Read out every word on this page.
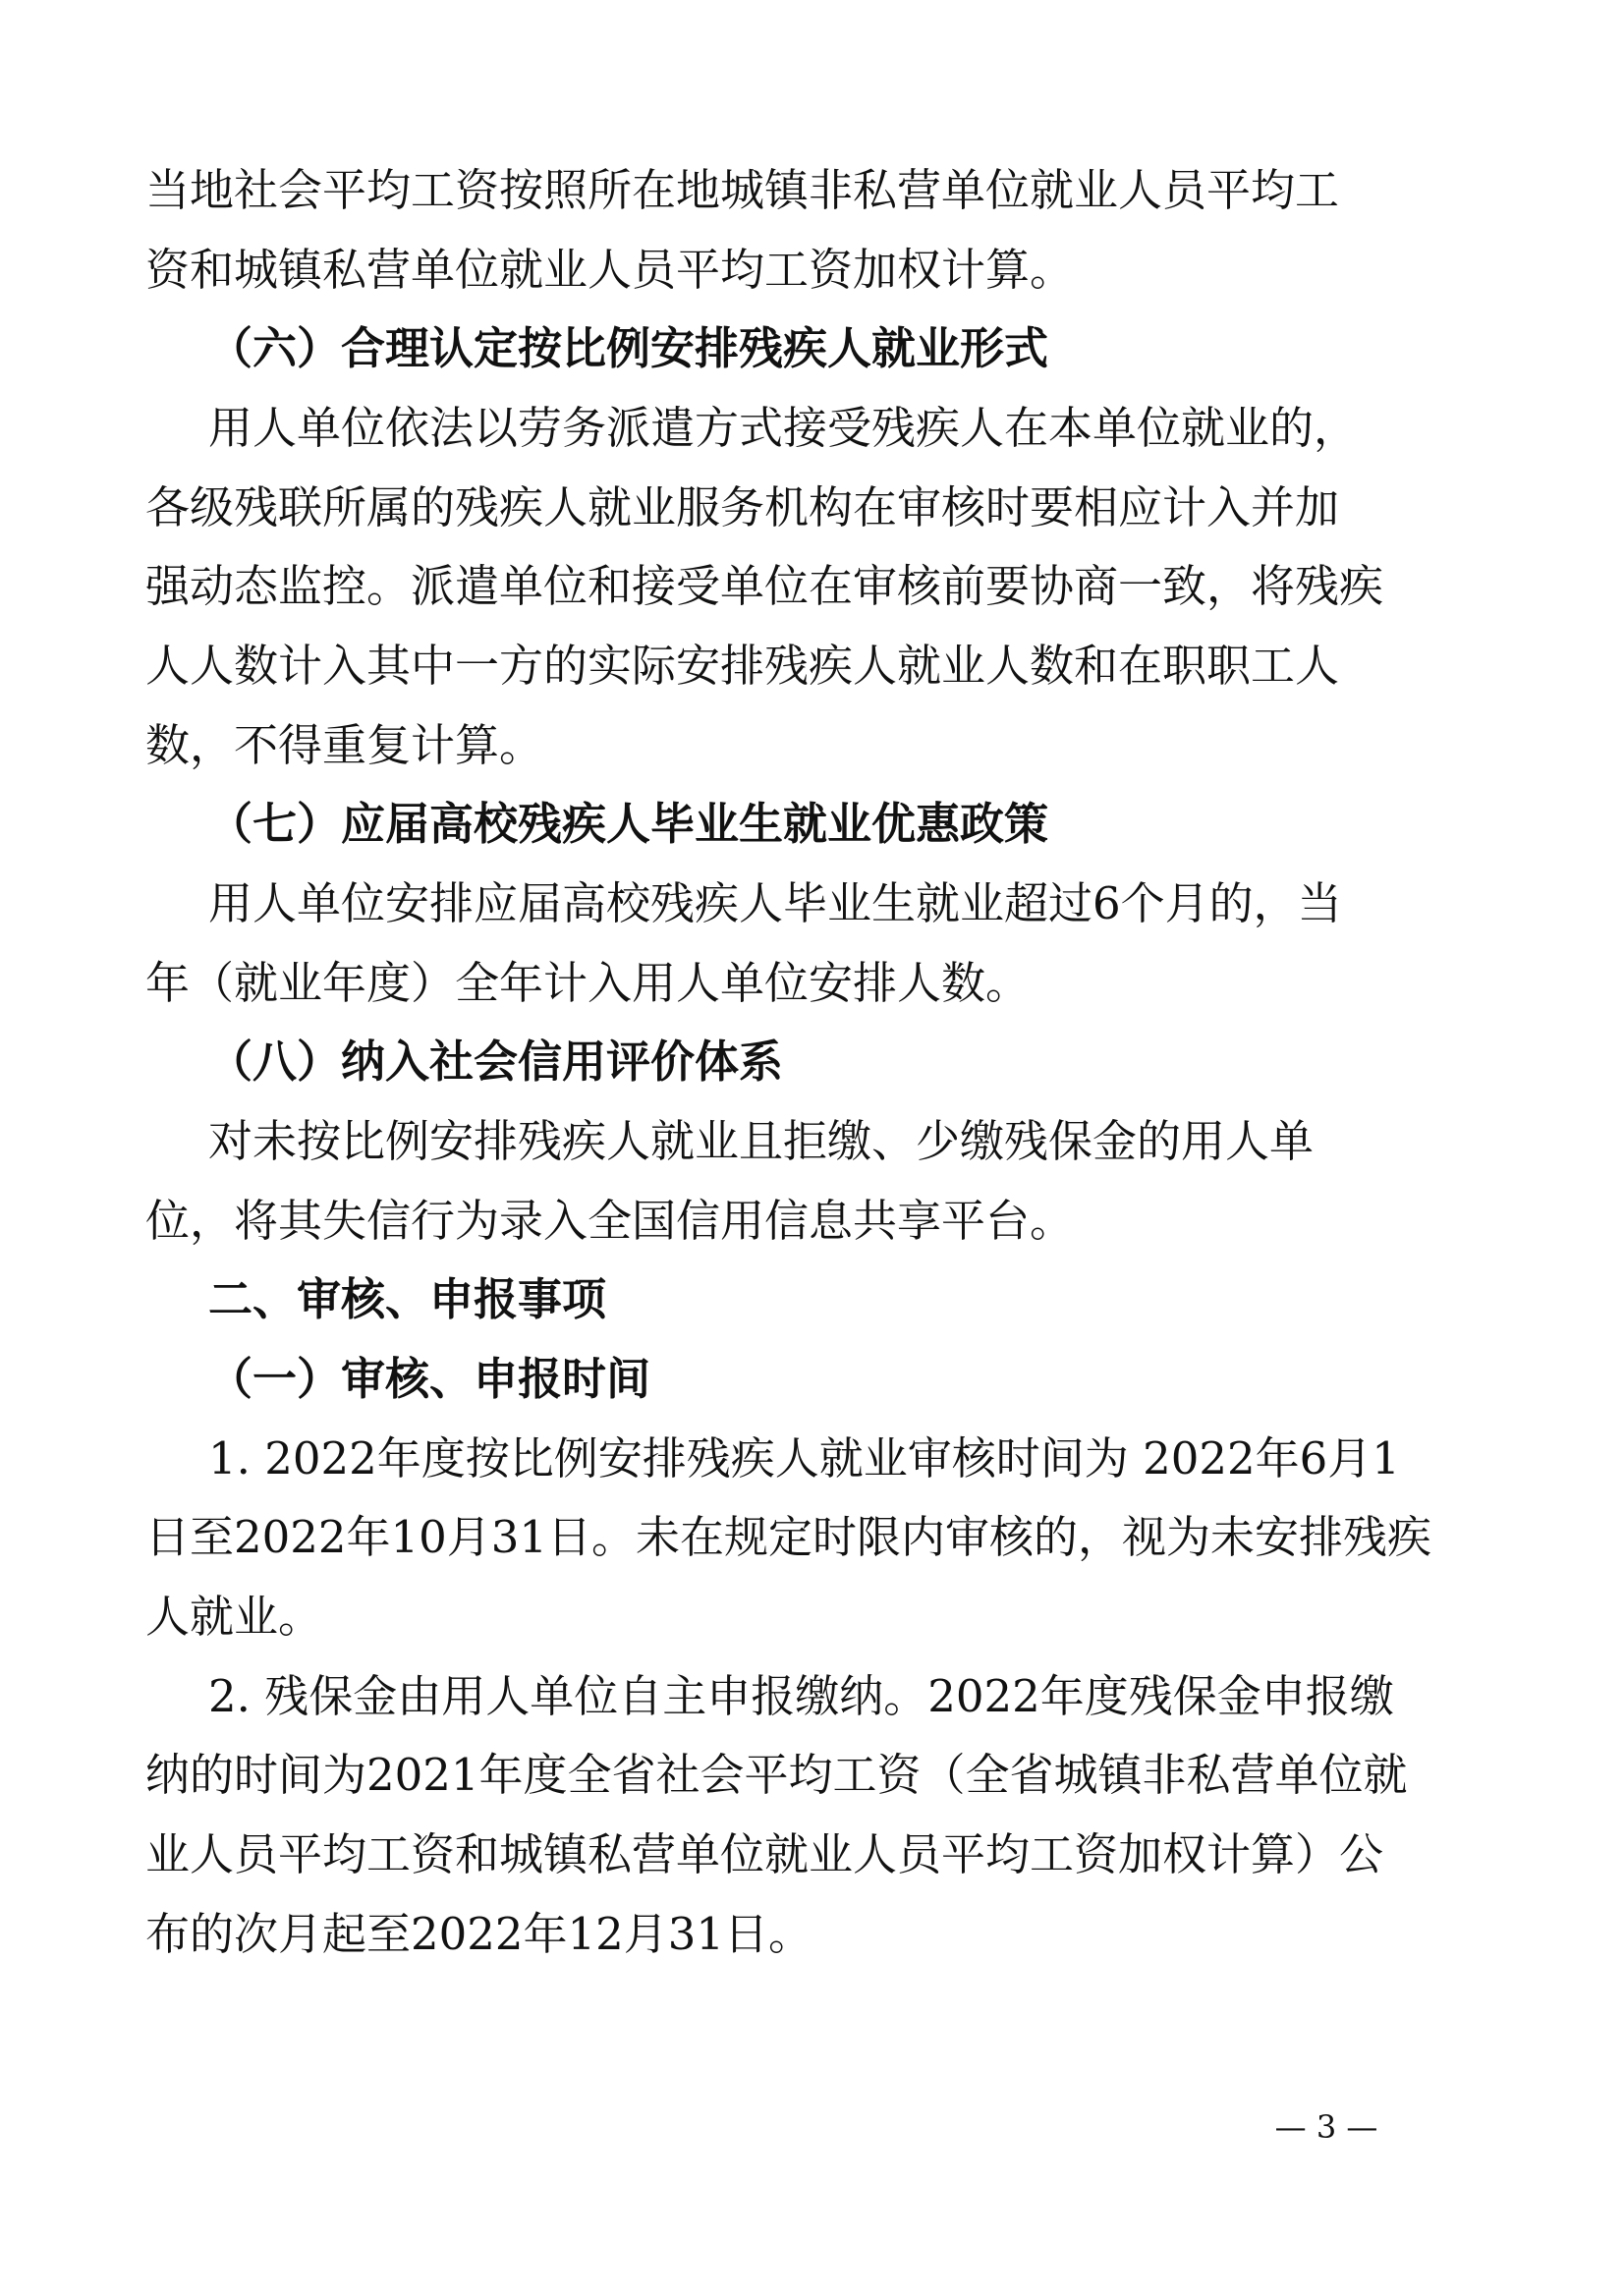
当地社会平均工资按照所在地城镇非私营单位就业人员平均工
资和城镇私营单位就业人员平均工资加权计算。
（六）合理认定按比例安排残疾人就业形式
用人单位依法以劳务派遣方式接受残疾人在本单位就业的，
各级残联所属的残疾人就业服务机构在审核时要相应计入并加
强动态监控。派遣单位和接受单位在审核前要协商一致，将残疾
人人数计入其中一方的实际安排残疾人就业人数和在职职工人
数，不得重复计算。
（七）应届高校残疾人毕业生就业优惠政策
用人单位安排应届高校残疾人毕业生就业超过6个月的，当
年（就业年度）全年计入用人单位安排人数。
（八）纳入社会信用评价体系
对未按比例安排残疾人就业且拒缴、少缴残保金的用人单
位，将其失信行为录入全国信用信息共享平台。
二、审核、申报事项
（一）审核、申报时间
1. 2022年度按比例安排残疾人就业审核时间为 2022年6月1
日至2022年10月31日。未在规定时限内审核的，视为未安排残疾
人就业。
2. 残保金由用人单位自主申报缴纳。2022年度残保金申报缴
纳的时间为2021年度全省社会平均工资（全省城镇非私营单位就
业人员平均工资和城镇私营单位就业人员平均工资加权计算）公
布的次月起至2022年12月31日。
— 3 —
